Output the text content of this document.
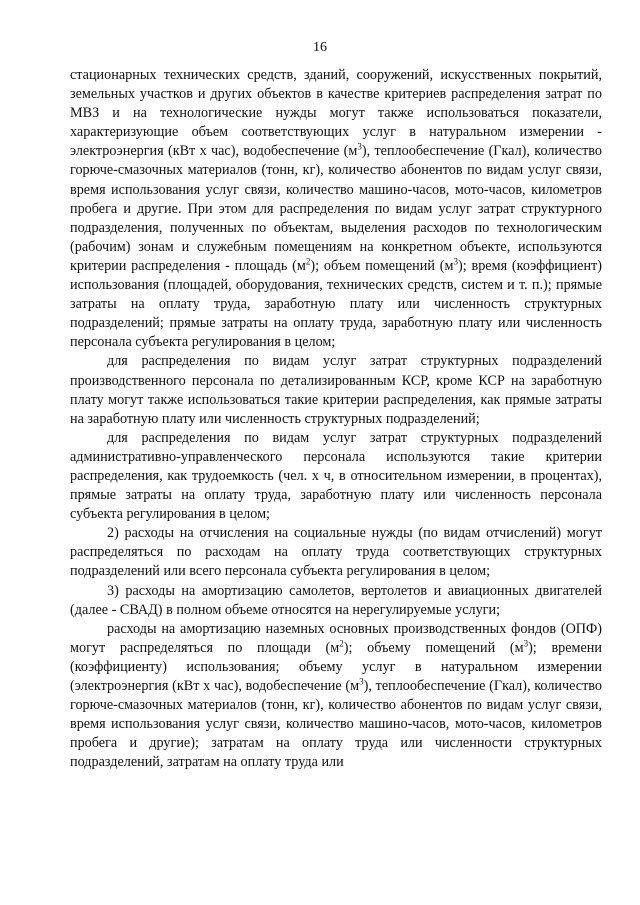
16

стационарных технических средств, зданий, сооружений, искусственных покрытий, земельных участков и других объектов в качестве критериев распределения затрат по МВЗ и на технологические нужды могут также использоваться показатели, характеризующие объем соответствующих услуг в натуральном измерении - электроэнергия (кВт х час), водобеспечение $(м^3)$, теплообеспечение (Гкал), количество горюче-смазочных материалов (тонн, кг), количество абонентов по видам услуг связи, время использования услуг связи, количество машино-часов, мото-часов, километров пробега и другие. При этом для распределения по видам услуг затрат структурного подразделения, полученных по объектам, выделения расходов по технологическим (рабочим) зонам и служебным помещениям на конкретном объекте, используются критерии распределения - площадь $(м^2)$; объем помещений $(м^3)$; время (коэффициент) использования (площадей, оборудования, технических средств, систем и т. п.); прямые затраты на оплату труда, заработную плату или численность структурных подразделений; прямые затраты на оплату труда, заработную плату или численность персонала субъекта регулирования в целом;

для распределения по видам услуг затрат структурных подразделений производственного персонала по детализированным КСР, кроме КСР на заработную плату могут также использоваться такие критерии распределения, как прямые затраты на заработную плату или численность структурных подразделений;

для распределения по видам услуг затрат структурных подразделений административно-управленческого персонала используются такие критерии распределения, как трудоемкость (чел. х ч, в относительном измерении, в процентах), прямые затраты на оплату труда, заработную плату или численность персонала субъекта регулирования в целом;

2) расходы на отчисления на социальные нужды (по видам отчислений) могут распределяться по расходам на оплату труда соответствующих структурных подразделений или всего персонала субъекта регулирования в целом;

3) расходы на амортизацию самолетов, вертолетов и авиационных двигателей (далее - СВАД) в полном объеме относятся на нерегулируемые услуги;

расходы на амортизацию наземных основных производственных фондов (ОПФ) могут распределяться по площади $(м^2)$; объему помещений $(м^3)$; времени (коэффициенту) использования; объему услуг в натуральном измерении (электроэнергия (кВт х час), водобеспечение $(м^3)$, теплообеспечение (Гкал), количество горюче-смазочных материалов (тонн, кг), количество абонентов по видам услуг связи, время использования услуг связи, количество машино-часов, мото-часов, километров пробега и другие); затратам на оплату труда или численности структурных подразделений, затратам на оплату труда или
